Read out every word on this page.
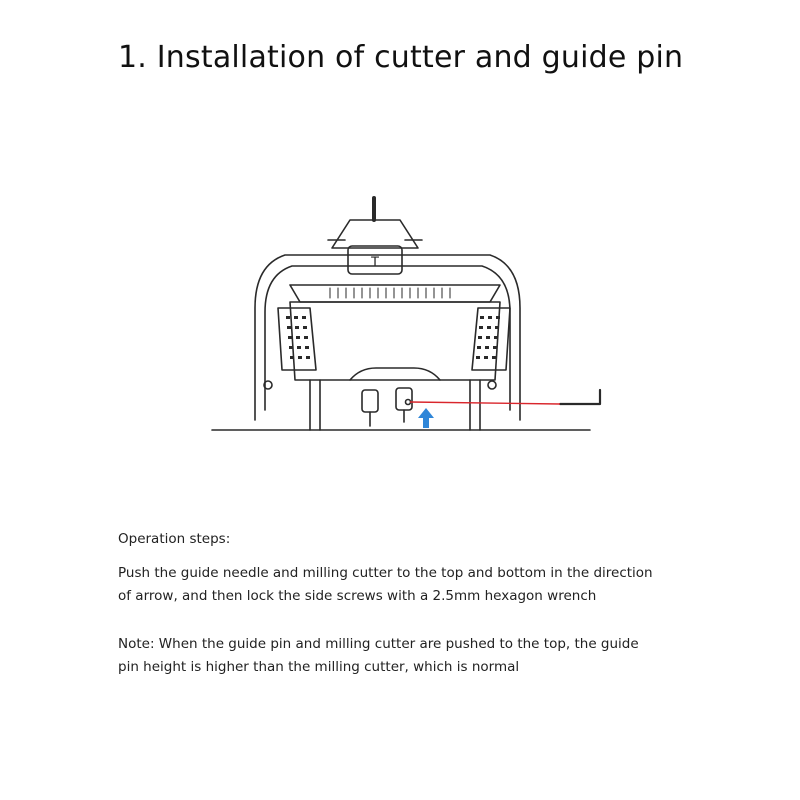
1. Installation of cutter and guide pin
T

Operation steps:

Push the guide needle and milling cutter to the top and bottom in the direction of arrow, and then lock the side screws with a 2.5mm hexagon wrench

Note: When the guide pin and milling cutter are pushed to the top, the guide pin height is higher than the milling cutter, which is normal
